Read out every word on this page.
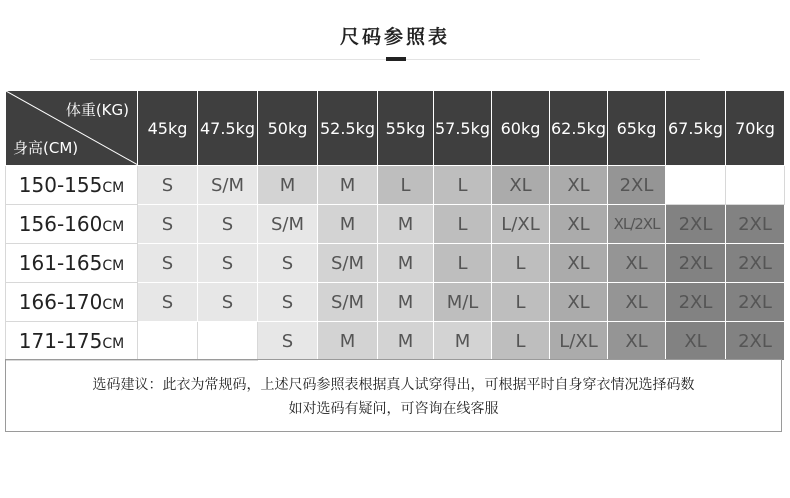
尺码参照表
体重(KG)
身高(CM)	45kg	47.5kg	50kg	52.5kg	55kg	57.5kg	60kg	62.5kg	65kg	67.5kg	70kg
150-155CM	S	S/M	M	M	L	L	XL	XL	2XL		
156-160CM	S	S	S/M	M	M	L	L/XL	XL	XL/2XL	2XL	2XL
161-165CM	S	S	S	S/M	M	L	L	XL	XL	2XL	2XL
166-170CM	S	S	S	S/M	M	M/L	L	XL	XL	2XL	2XL
171-175CM			S	M	M	M	L	L/XL	XL	XL	2XL
选码建议：此衣为常规码，上述尺码参照表根据真人试穿得出，可根据平时自身穿衣情况选择码数
如对选码有疑问，可咨询在线客服
